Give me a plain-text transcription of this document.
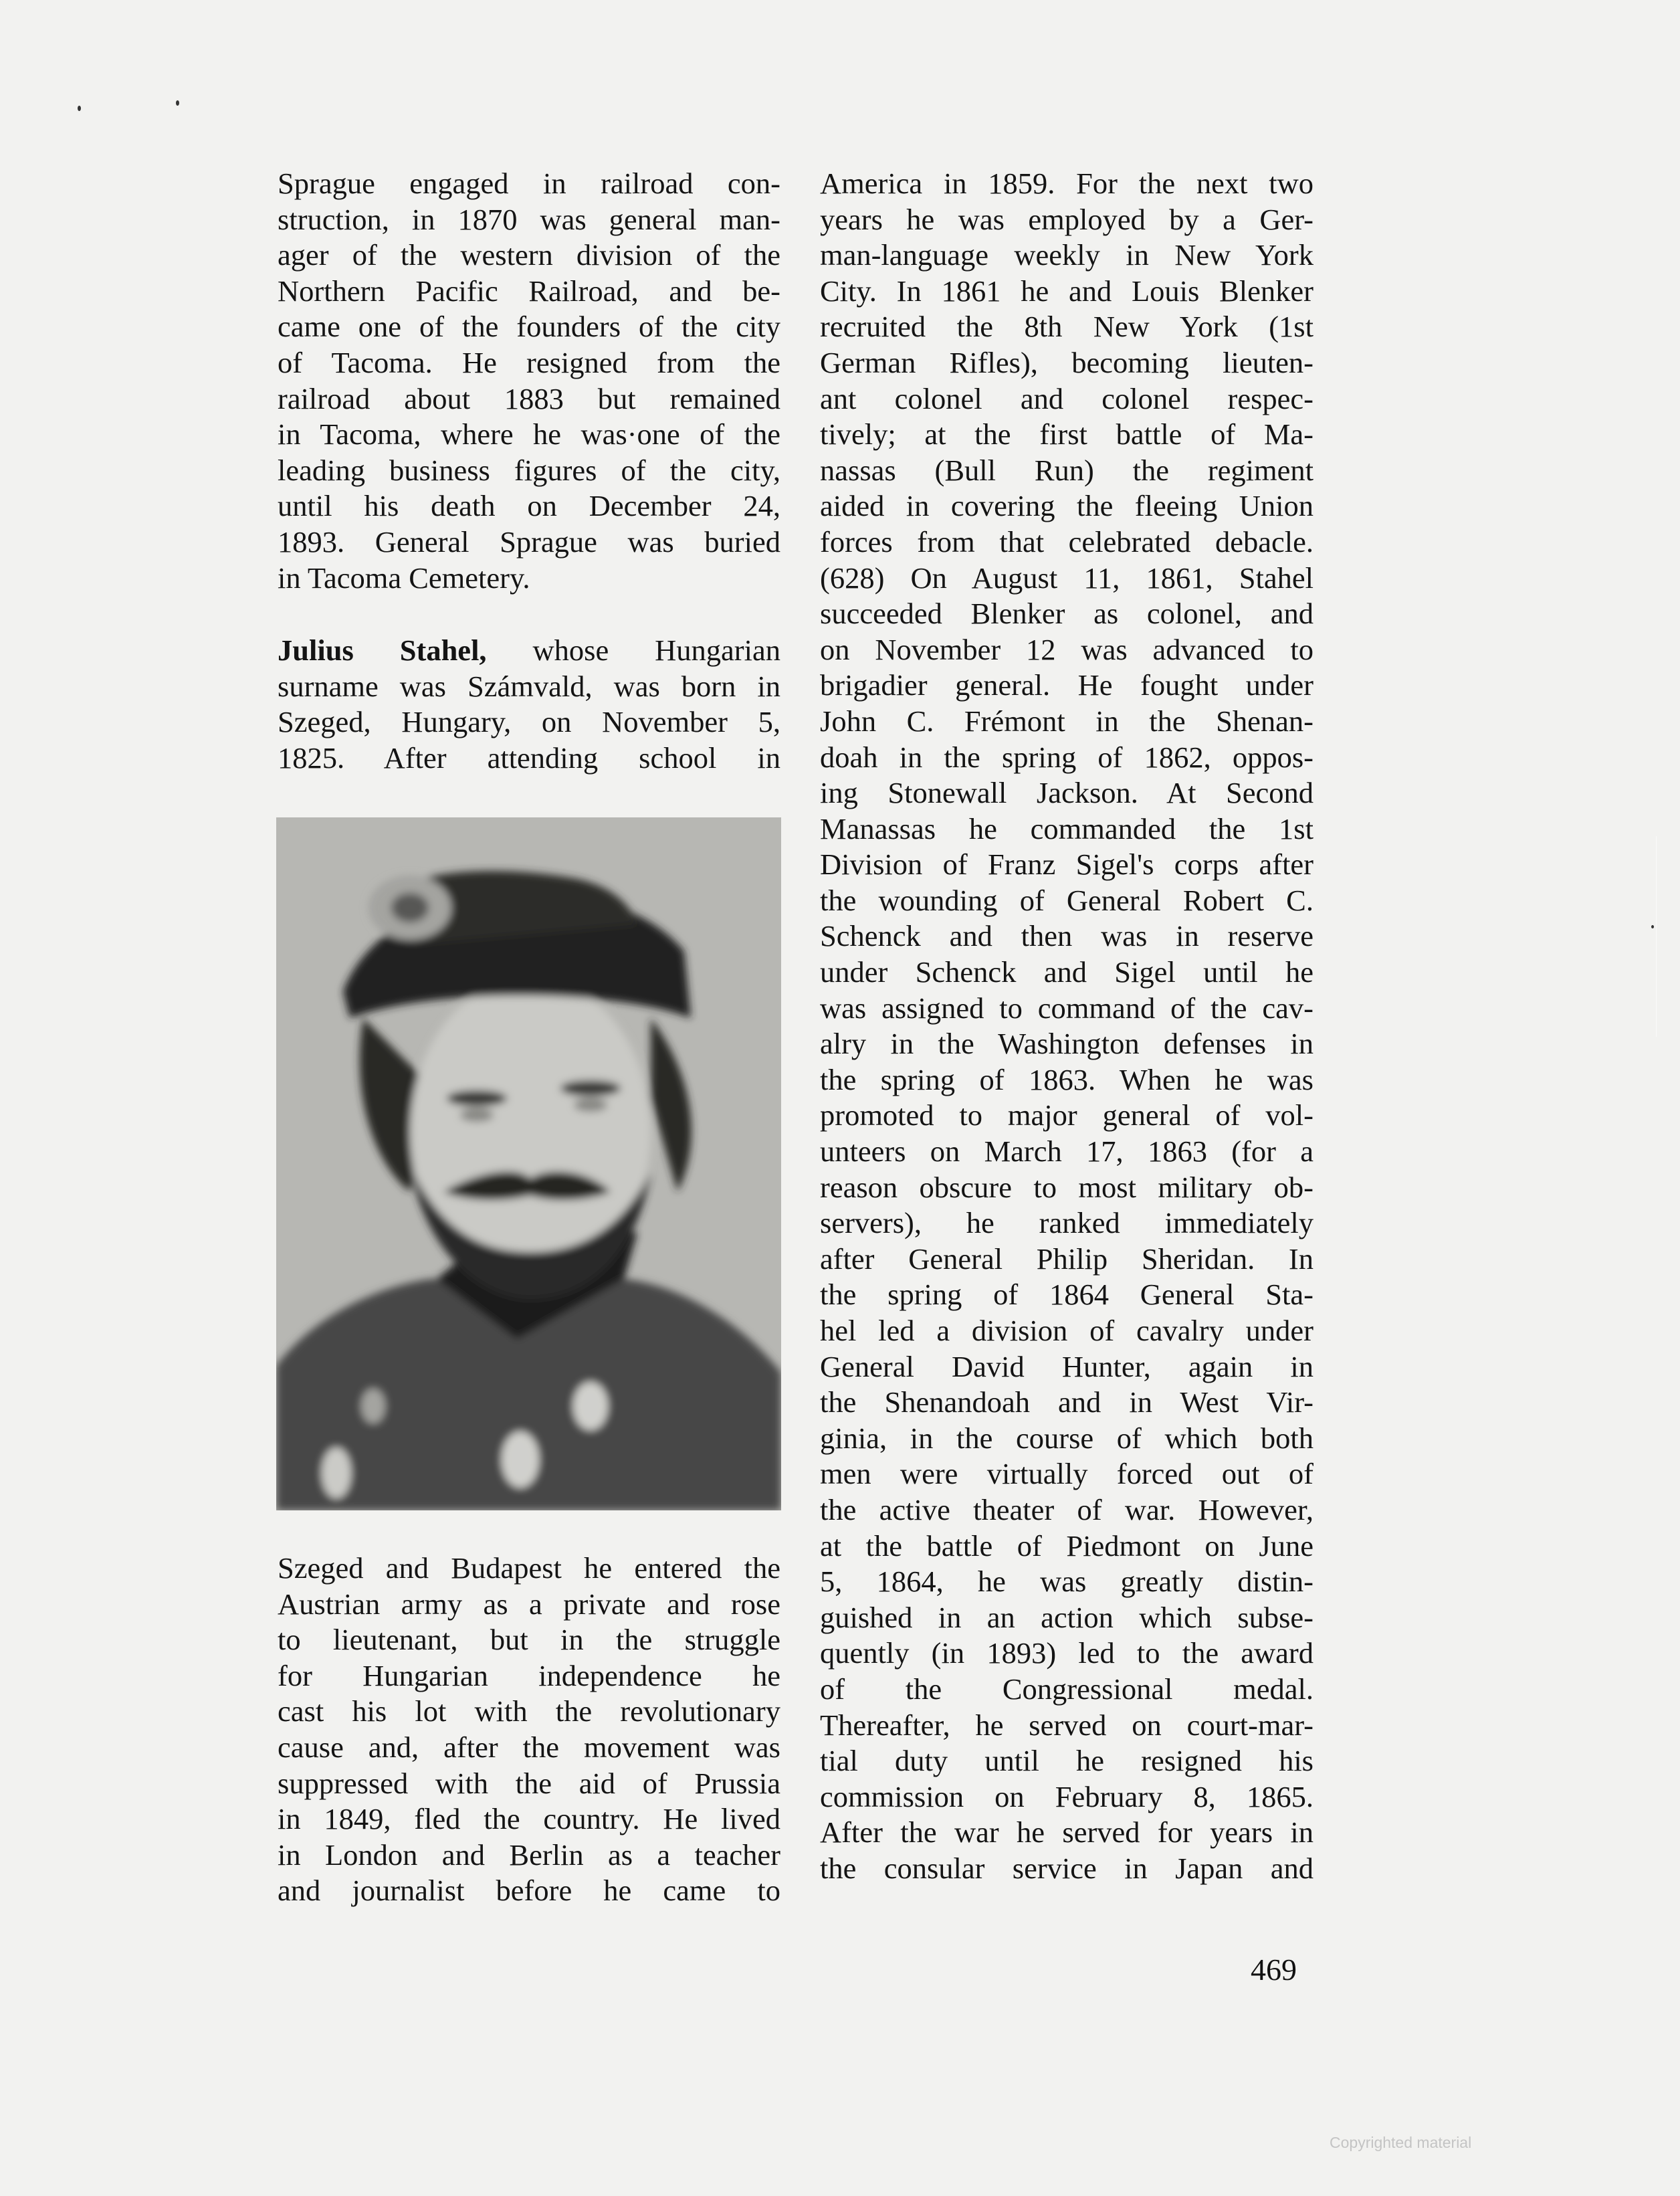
Sprague engaged in railroad con-
struction, in 1870 was general man-
ager of the western division of the
Northern Pacific Railroad, and be-
came one of the founders of the city
of Tacoma. He resigned from the
railroad about 1883 but remained
in Tacoma, where he was·one of the
leading business figures of the city,
until his death on December 24,
1893. General Sprague was buried
in Tacoma Cemetery.
Julius Stahel, whose Hungarian
surname was Számvald, was born in
Szeged, Hungary, on November 5,
1825. After attending school in
Szeged and Budapest he entered the
Austrian army as a private and rose
to lieutenant, but in the struggle
for Hungarian independence he
cast his lot with the revolutionary
cause and, after the movement was
suppressed with the aid of Prussia
in 1849, fled the country. He lived
in London and Berlin as a teacher
and journalist before he came to
America in 1859. For the next two
years he was employed by a Ger-
man-language weekly in New York
City. In 1861 he and Louis Blenker
recruited the 8th New York (1st
German Rifles), becoming lieuten-
ant colonel and colonel respec-
tively; at the first battle of Ma-
nassas (Bull Run) the regiment
aided in covering the fleeing Union
forces from that celebrated debacle.
(628) On August 11, 1861, Stahel
succeeded Blenker as colonel, and
on November 12 was advanced to
brigadier general. He fought under
John C. Frémont in the Shenan-
doah in the spring of 1862, oppos-
ing Stonewall Jackson. At Second
Manassas he commanded the 1st
Division of Franz Sigel's corps after
the wounding of General Robert C.
Schenck and then was in reserve
under Schenck and Sigel until he
was assigned to command of the cav-
alry in the Washington defenses in
the spring of 1863. When he was
promoted to major general of vol-
unteers on March 17, 1863 (for a
reason obscure to most military ob-
servers), he ranked immediately
after General Philip Sheridan. In
the spring of 1864 General Sta-
hel led a division of cavalry under
General David Hunter, again in
the Shenandoah and in West Vir-
ginia, in the course of which both
men were virtually forced out of
the active theater of war. However,
at the battle of Piedmont on June
5, 1864, he was greatly distin-
guished in an action which subse-
quently (in 1893) led to the award
of the Congressional medal.
Thereafter, he served on court-mar-
tial duty until he resigned his
commission on February 8, 1865.
After the war he served for years in
the consular service in Japan and
469
Copyrighted material
